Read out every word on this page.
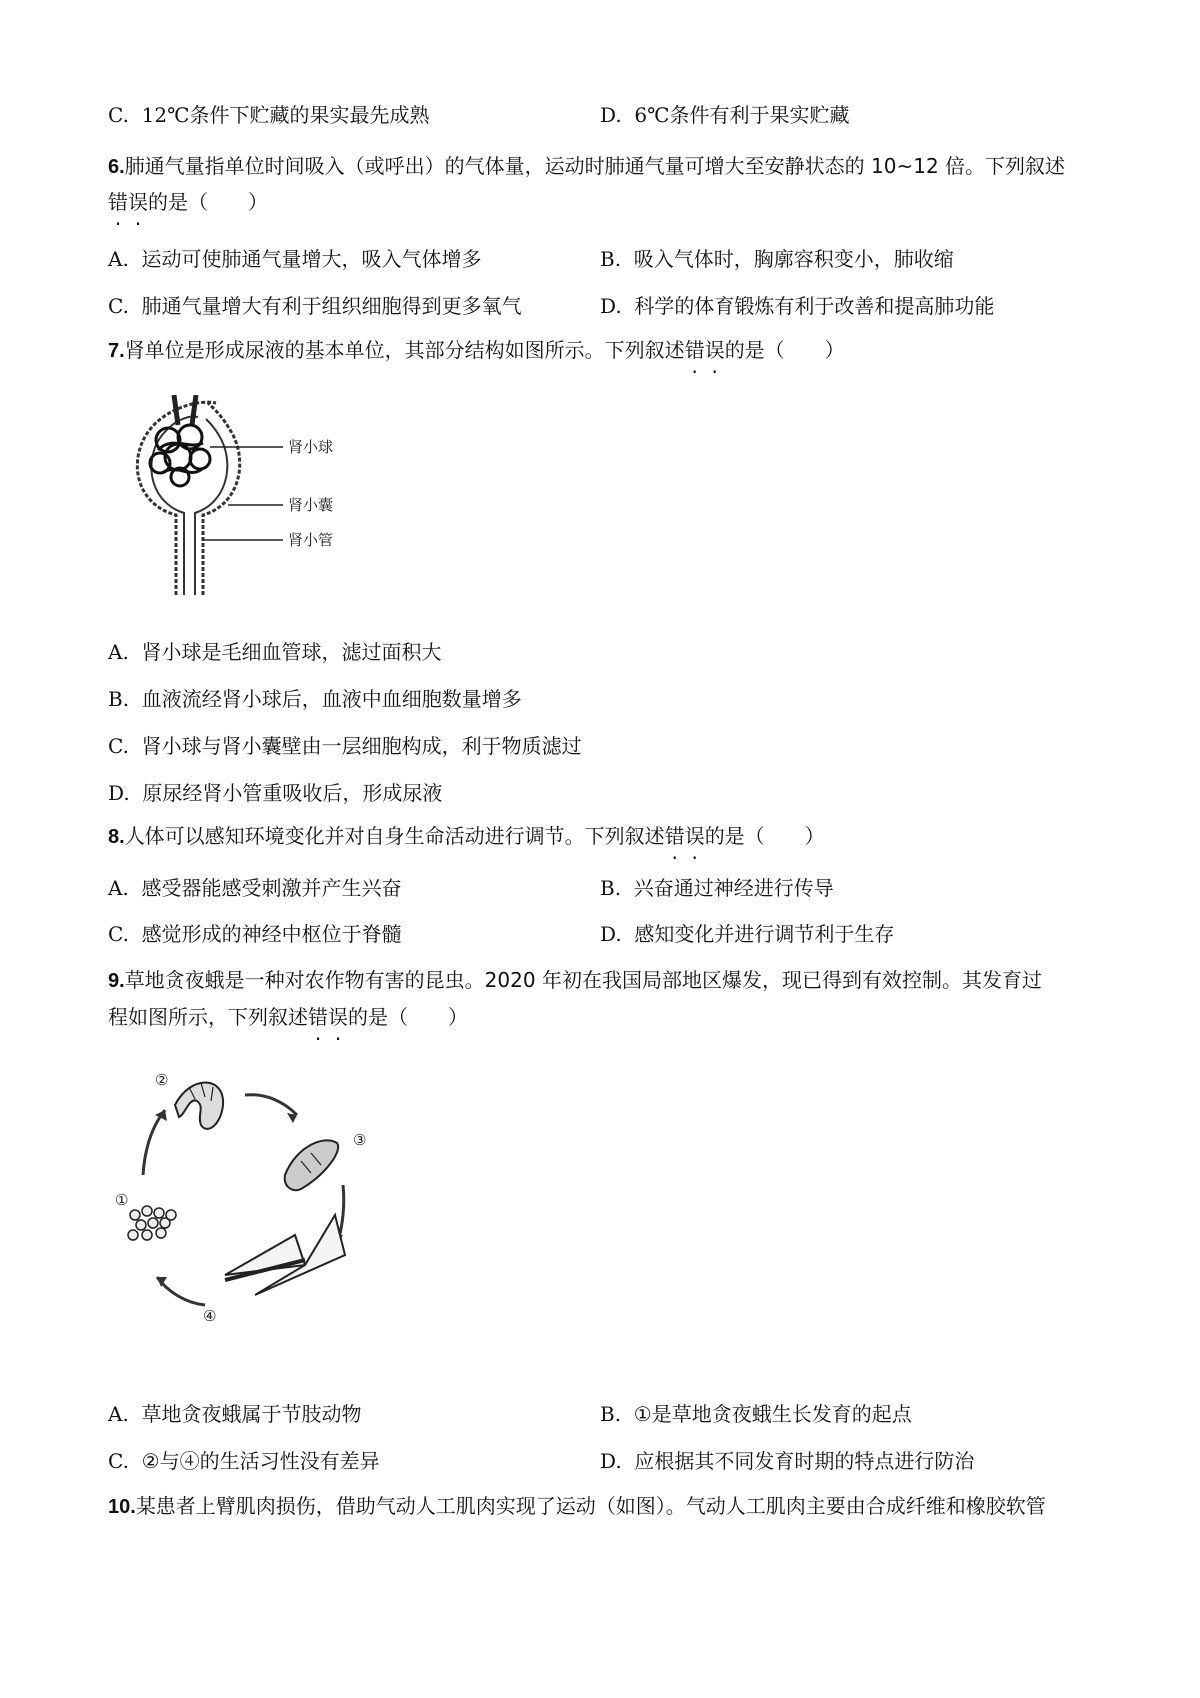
C. 12℃条件下贮藏的果实最先成熟	D. 6℃条件有利于果实贮藏
6.肺通气量指单位时间吸入（或呼出）的气体量，运动时肺通气量可增大至安静状态的 10~12 倍。下列叙述
错误的是（　　）
A. 运动可使肺通气量增大，吸入气体增多	B. 吸入气体时，胸廓容积变小，肺收缩
C. 肺通气量增大有利于组织细胞得到更多氧气	D. 科学的体育锻炼有利于改善和提高肺功能
7.肾单位是形成尿液的基本单位，其部分结构如图所示。下列叙述错误的是（　　）
肾小球
肾小囊
肾小管
A. 肾小球是毛细血管球，滤过面积大
B. 血液流经肾小球后，血液中血细胞数量增多
C. 肾小球与肾小囊壁由一层细胞构成，利于物质滤过
D. 原尿经肾小管重吸收后，形成尿液
8.人体可以感知环境变化并对自身生命活动进行调节。下列叙述错误的是（　　）
A. 感受器能感受刺激并产生兴奋	B. 兴奋通过神经进行传导
C. 感觉形成的神经中枢位于脊髓	D. 感知变化并进行调节利于生存
9.草地贪夜蛾是一种对农作物有害的昆虫。2020 年初在我国局部地区爆发，现已得到有效控制。其发育过
程如图所示，下列叙述错误的是（　　）
①
②
③
④
A. 草地贪夜蛾属于节肢动物	B. ①是草地贪夜蛾生长发育的起点
C. ②与④的生活习性没有差异	D. 应根据其不同发育时期的特点进行防治
10.某患者上臂肌肉损伤，借助气动人工肌肉实现了运动（如图）。气动人工肌肉主要由合成纤维和橡胶软管
